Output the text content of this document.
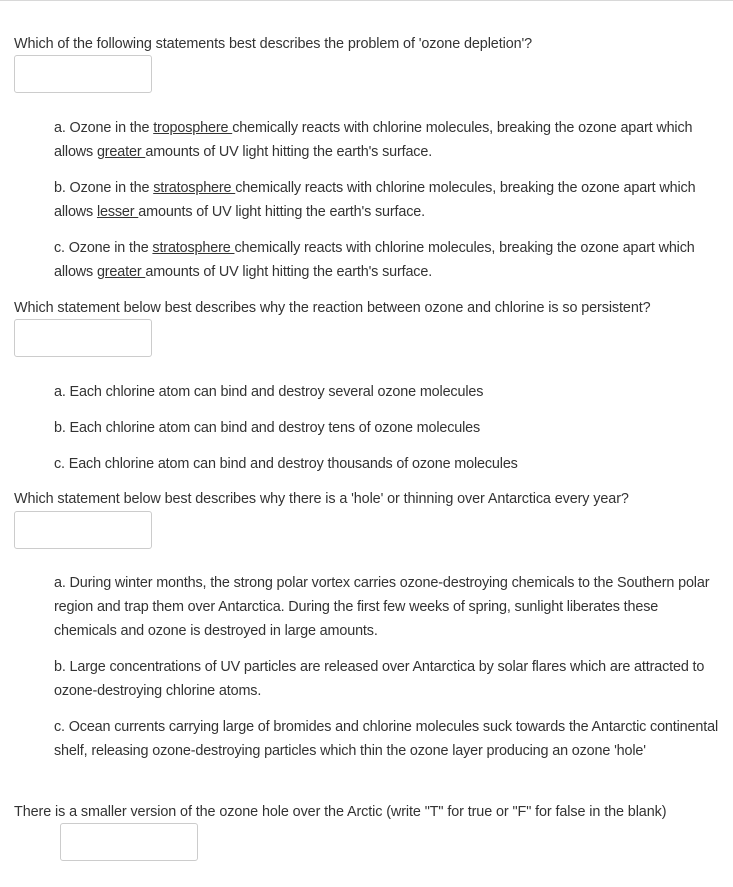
Which of the following statements best describes the problem of 'ozone depletion'?
a. Ozone in the troposphere chemically reacts with chlorine molecules, breaking the ozone apart which allows greater amounts of UV light hitting the earth's surface.
b. Ozone in the stratosphere chemically reacts with chlorine molecules, breaking the ozone apart which allows lesser amounts of UV light hitting the earth's surface.
c. Ozone in the stratosphere chemically reacts with chlorine molecules, breaking the ozone apart which allows greater amounts of UV light hitting the earth's surface.
Which statement below best describes why the reaction between ozone and chlorine is so persistent?
a. Each chlorine atom can bind and destroy several ozone molecules
b. Each chlorine atom can bind and destroy tens of ozone molecules
c. Each chlorine atom can bind and destroy thousands of ozone molecules
Which statement below best describes why there is a 'hole' or thinning over Antarctica every year?
a. During winter months, the strong polar vortex carries ozone-destroying chemicals to the Southern polar region and trap them over Antarctica. During the first few weeks of spring, sunlight liberates these chemicals and ozone is destroyed in large amounts.
b. Large concentrations of UV particles are released over Antarctica by solar flares which are attracted to ozone-destroying chlorine atoms.
c. Ocean currents carrying large of bromides and chlorine molecules suck towards the Antarctic continental shelf, releasing ozone-destroying particles which thin the ozone layer producing an ozone 'hole'
There is a smaller version of the ozone hole over the Arctic (write "T" for true or "F" for false in the blank)
